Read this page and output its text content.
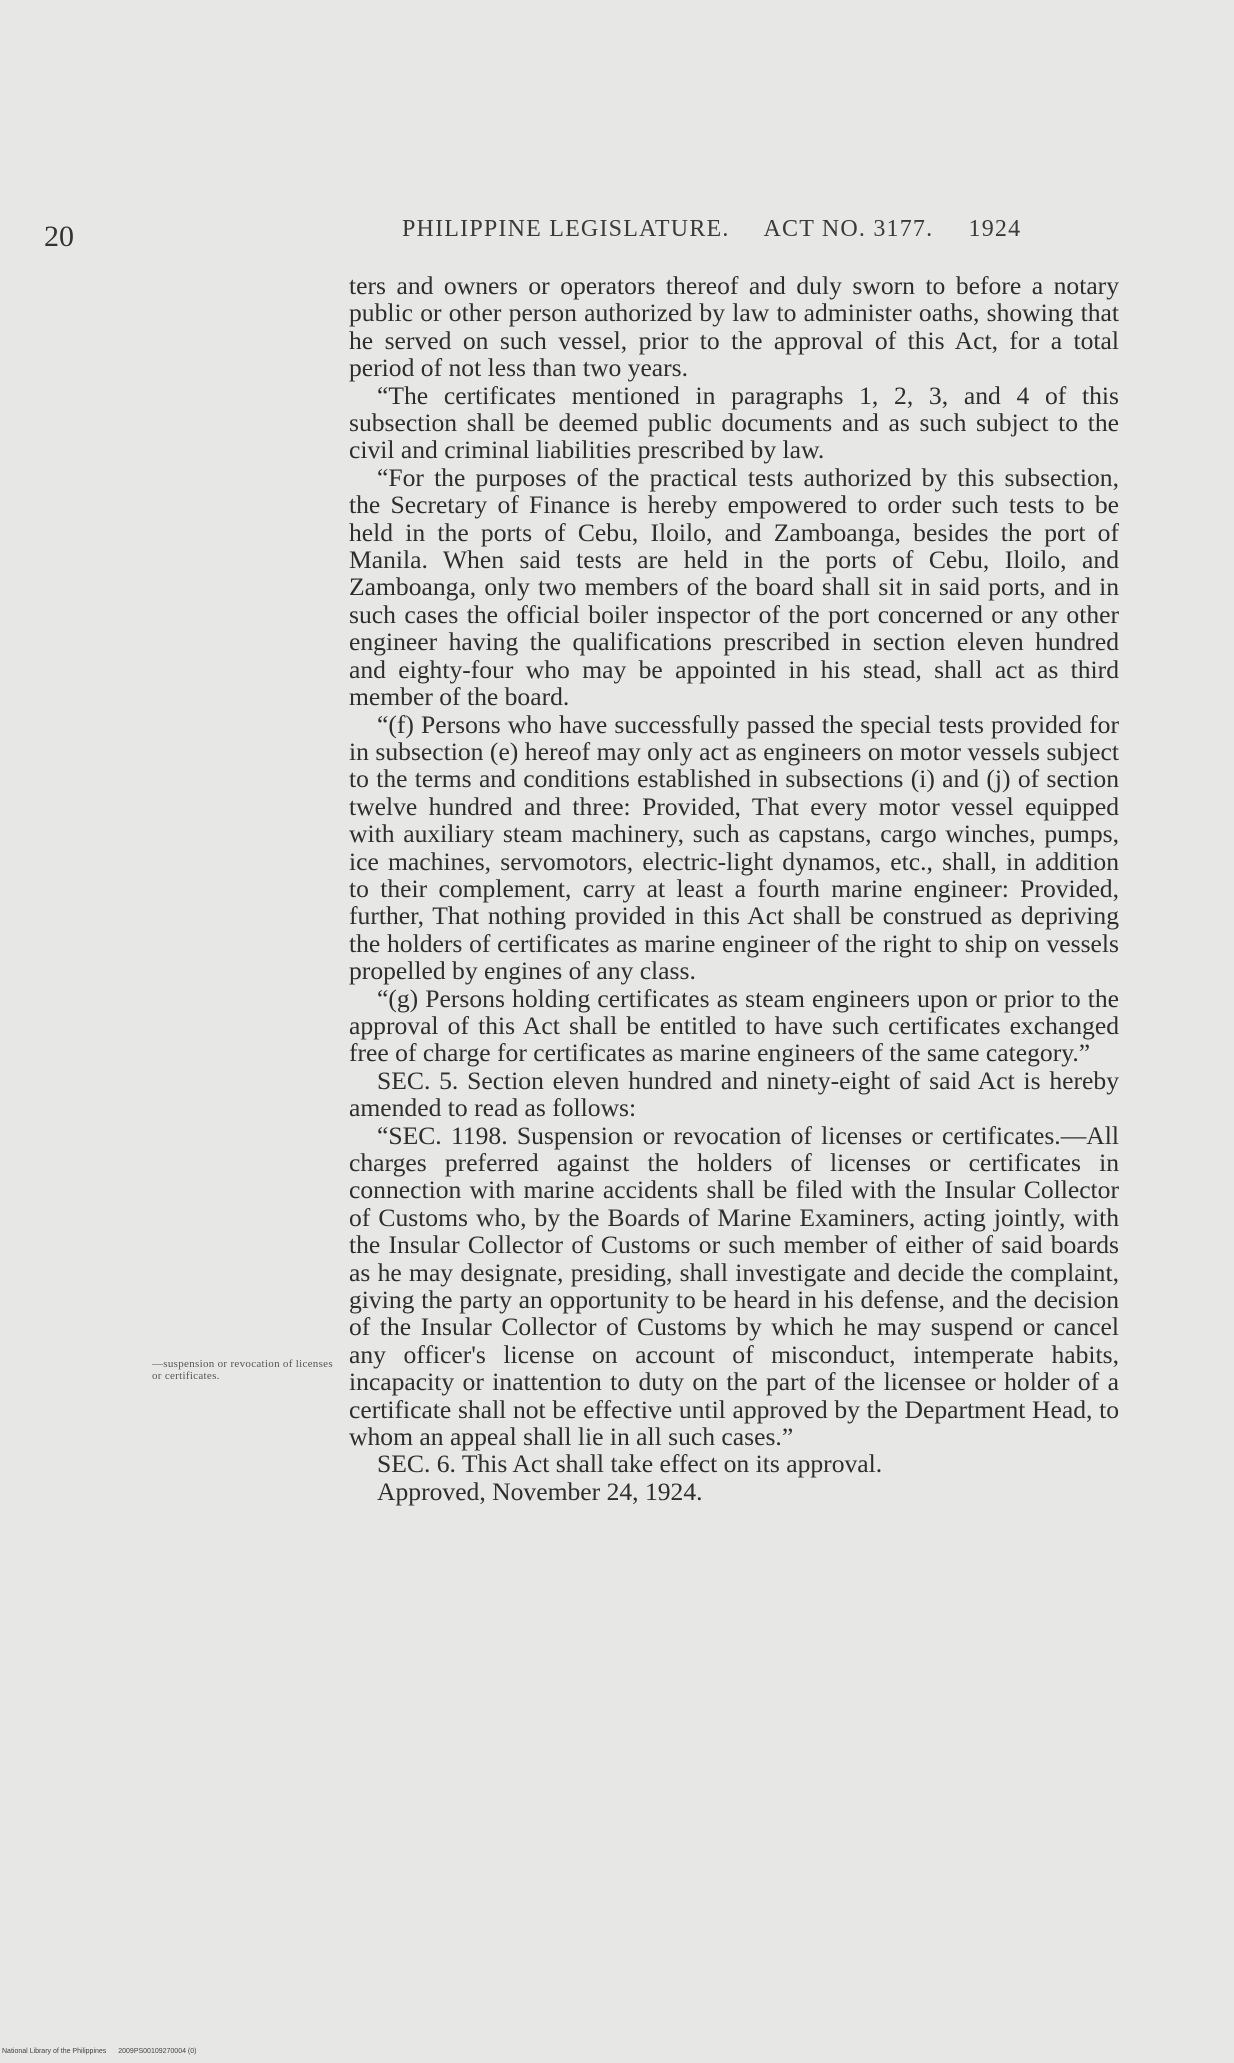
20	PHILIPPINE LEGISLATURE. ACT NO. 3177. 1924

ters and owners or operators thereof and duly sworn to before a notary public or other person authorized by law to administer oaths, showing that he served on such vessel, prior to the approval of this Act, for a total period of not less than two years.

“The certificates mentioned in paragraphs 1, 2, 3, and 4 of this subsection shall be deemed public documents and as such subject to the civil and criminal liabilities prescribed by law.

“For the purposes of the practical tests authorized by this subsection, the Secretary of Finance is hereby empowered to order such tests to be held in the ports of Cebu, Iloilo, and Zamboanga, besides the port of Manila. When said tests are held in the ports of Cebu, Iloilo, and Zamboanga, only two members of the board shall sit in said ports, and in such cases the official boiler inspector of the port concerned or any other engineer having the qualifications prescribed in section eleven hundred and eighty-four who may be appointed in his stead, shall act as third member of the board.

“(f) Persons who have successfully passed the special tests provided for in subsection (e) hereof may only act as engineers on motor vessels subject to the terms and conditions established in subsections (i) and (j) of section twelve hundred and three: Provided, That every motor vessel equipped with auxiliary steam machinery, such as capstans, cargo winches, pumps, ice machines, servomotors, electric-light dynamos, etc., shall, in addition to their complement, carry at least a fourth marine engineer: Provided, further, That nothing provided in this Act shall be construed as depriving the holders of certificates as marine engineer of the right to ship on vessels propelled by engines of any class.

“(g) Persons holding certificates as steam engineers upon or prior to the approval of this Act shall be entitled to have such certificates exchanged free of charge for certificates as marine engineers of the same category.”

SEC. 5. Section eleven hundred and ninety-eight of said Act is hereby amended to read as follows:

“SEC. 1198. Suspension or revocation of licenses or certificates.—All charges preferred against the holders of licenses or certificates in connection with marine accidents shall be filed with the Insular Collector of Customs who, by the Boards of Marine Examiners, acting jointly, with the Insular Collector of Customs or such member of either of said boards as he may designate, presiding, shall investigate and decide the complaint, giving the party an opportunity to be heard in his defense, and the decision of the Insular Collector of Customs by which he may suspend or cancel any officer's license on account of misconduct, intemperate habits, incapacity or inattention to duty on the part of the licensee or holder of a certificate shall not be effective until approved by the Department Head, to whom an appeal shall lie in all such cases.”

SEC. 6. This Act shall take effect on its approval.

Approved, November 24, 1924.

—suspension or revocation of licenses or certificates.
National Library of the Philippines 2009PS00109270004 (0)
